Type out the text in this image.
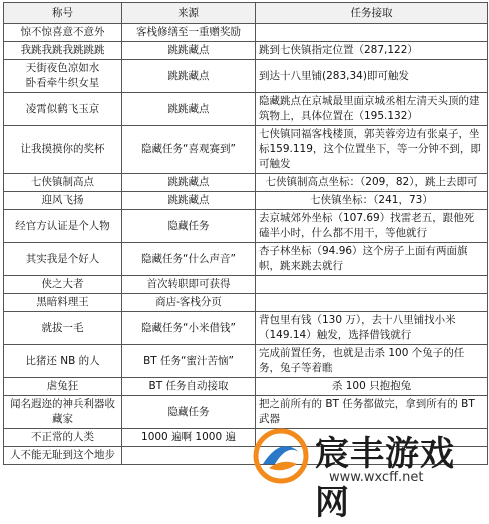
称号	来源	任务接取
惊不惊喜意不意外	客栈修缮至一重赠奖励	
我跳我跳我跳跳跳	跳跳藏点	跳到七侠镇指定位置（287,122）
天街夜色凉如水
卧看牵牛织女星	跳跳藏点	到达十八里铺(283,34)即可触发
凌霄似鹤飞玉京	跳跳藏点	隐藏跳点在京城最里面京城丞相左清天头顶的建筑物上，具体位置在（195.132）
让我摸摸你的奖杯	隐藏任务“喜观赛到”	七侠镇同福客栈楼顶，郭芙蓉旁边有张桌子，坐标159.119，这个位置坐下，等一分钟不到，即可触发
七侠镇制高点	跳跳藏点	七侠镇制高点坐标：（209，82），跳上去即可
迎风飞扬	跳跳藏点	七侠镇坐标：（241，73）
经官方认证是个人物	隐藏任务	去京城郊外坐标（107.69）找雷老五，跟他死磕半小时，什么都不用干，等他就行
其实我是个好人	隐藏任务“什么声音”	杏子林坐标（94.96）这个房子上面有两面旗帜，跳来跳去就行
侠之大者	首次转职即可获得	
黑暗料理王	商店-客栈分页	
就拔一毛	隐藏任务“小米借钱”	背包里有钱（130 万），去十八里铺找小米（149.14）触发，选择借钱就行
比猪还 NB 的人	BT 任务“蜜汁苦恼”	完成前置任务，也就是击杀 100 个兔子的任务，兔子等着瞧
虐兔狂	BT 任务自动接取	杀 100 只抱抱兔
闻名遐迩的神兵利器收藏家	隐藏任务	把之前所有的 BT 任务都做完，拿到所有的 BT 武器
不正常的人类	1000 遍啊 1000 遍	
人不能无耻到这个地步			宸丰游戏网
www.wxcff.net
